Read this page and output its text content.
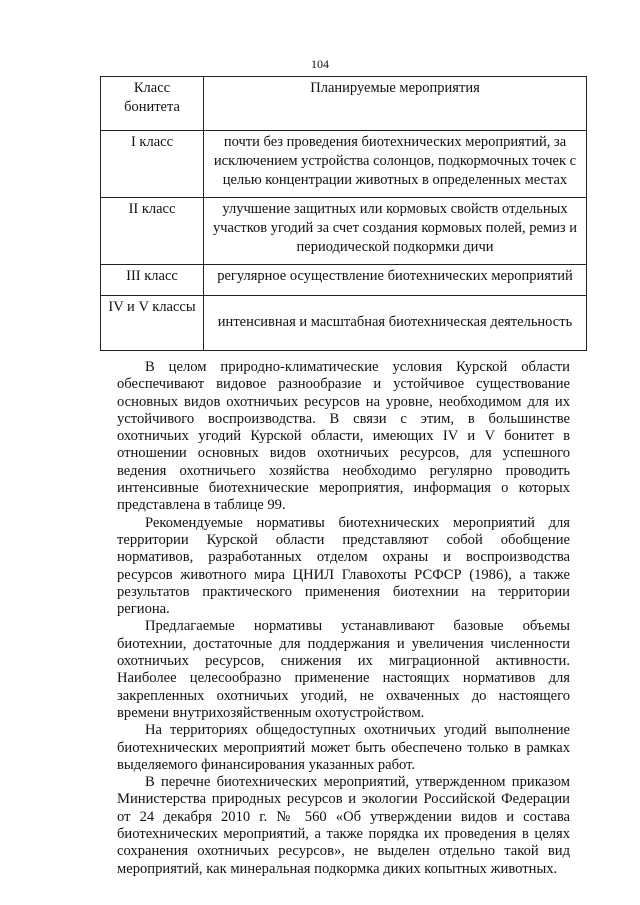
104
Класс бонитета	Планируемые мероприятия
I класс	почти без проведения биотехнических мероприятий, за исключением устройства солонцов, подкормочных точек с целью концентрации животных в определенных местах
II класс	улучшение защитных или кормовых свойств отдельных участков угодий за счет создания кормовых полей, ремиз и периодической подкормки дичи
III класс	регулярное осуществление биотехнических мероприятий
IV и V классы	интенсивная и масштабная биотехническая деятельность

В целом природно-климатические условия Курской области обеспечивают видовое разнообразие и устойчивое существование основных видов охотничьих ресурсов на уровне, необходимом для их устойчивого воспроизводства. В связи с этим, в большинстве охотничьих угодий Курской области, имеющих IV и V бонитет в отношении основных видов охотничьих ресурсов, для успешного ведения охотничьего хозяйства необходимо регулярно проводить интенсивные биотехнические мероприятия, информация о которых представлена в таблице 99.

Рекомендуемые нормативы биотехнических мероприятий для территории Курской области представляют собой обобщение нормативов, разработанных отделом охраны и воспроизводства ресурсов животного мира ЦНИЛ Главохоты РСФСР (1986), а также результатов практического применения биотехнии на территории региона.

Предлагаемые нормативы устанавливают базовые объемы биотехнии, достаточные для поддержания и увеличения численности охотничьих ресурсов, снижения их миграционной активности. Наиболее целесообразно применение настоящих нормативов для закрепленных охотничьих угодий, не охваченных до настоящего времени внутрихозяйственным охотустройством.

На территориях общедоступных охотничьих угодий выполнение биотехнических мероприятий может быть обеспечено только в рамках выделяемого финансирования указанных работ.

В перечне биотехнических мероприятий, утвержденном приказом Министерства природных ресурсов и экологии Российской Федерации от 24 декабря 2010 г. № 560 «Об утверждении видов и состава биотехнических мероприятий, а также порядка их проведения в целях сохранения охотничьих ресурсов», не выделен отдельно такой вид мероприятий, как минеральная подкормка диких копытных животных.
